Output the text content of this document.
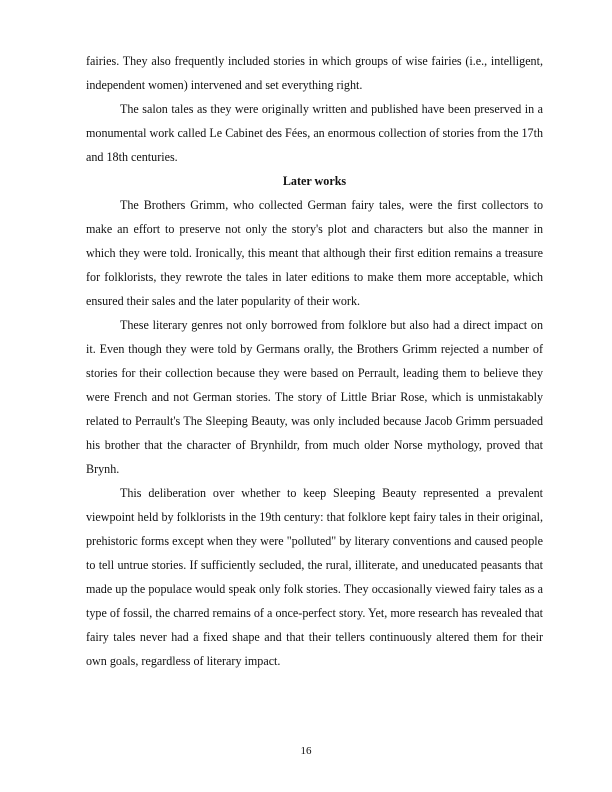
fairies. They also frequently included stories in which groups of wise fairies (i.e., intelligent, independent women) intervened and set everything right.

The salon tales as they were originally written and published have been preserved in a monumental work called Le Cabinet des Fées, an enormous collection of stories from the 17th and 18th centuries.

Later works

The Brothers Grimm, who collected German fairy tales, were the first collectors to make an effort to preserve not only the story's plot and characters but also the manner in which they were told. Ironically, this meant that although their first edition remains a treasure for folklorists, they rewrote the tales in later editions to make them more acceptable, which ensured their sales and the later popularity of their work.

These literary genres not only borrowed from folklore but also had a direct impact on it. Even though they were told by Germans orally, the Brothers Grimm rejected a number of stories for their collection because they were based on Perrault, leading them to believe they were French and not German stories. The story of Little Briar Rose, which is unmistakably related to Perrault's The Sleeping Beauty, was only included because Jacob Grimm persuaded his brother that the character of Brynhildr, from much older Norse mythology, proved that Brynh.

This deliberation over whether to keep Sleeping Beauty represented a prevalent viewpoint held by folklorists in the 19th century: that folklore kept fairy tales in their original, prehistoric forms except when they were "polluted" by literary conventions and caused people to tell untrue stories. If sufficiently secluded, the rural, illiterate, and uneducated peasants that made up the populace would speak only folk stories. They occasionally viewed fairy tales as a type of fossil, the charred remains of a once-perfect story. Yet, more research has revealed that fairy tales never had a fixed shape and that their tellers continuously altered them for their own goals, regardless of literary impact.

16
